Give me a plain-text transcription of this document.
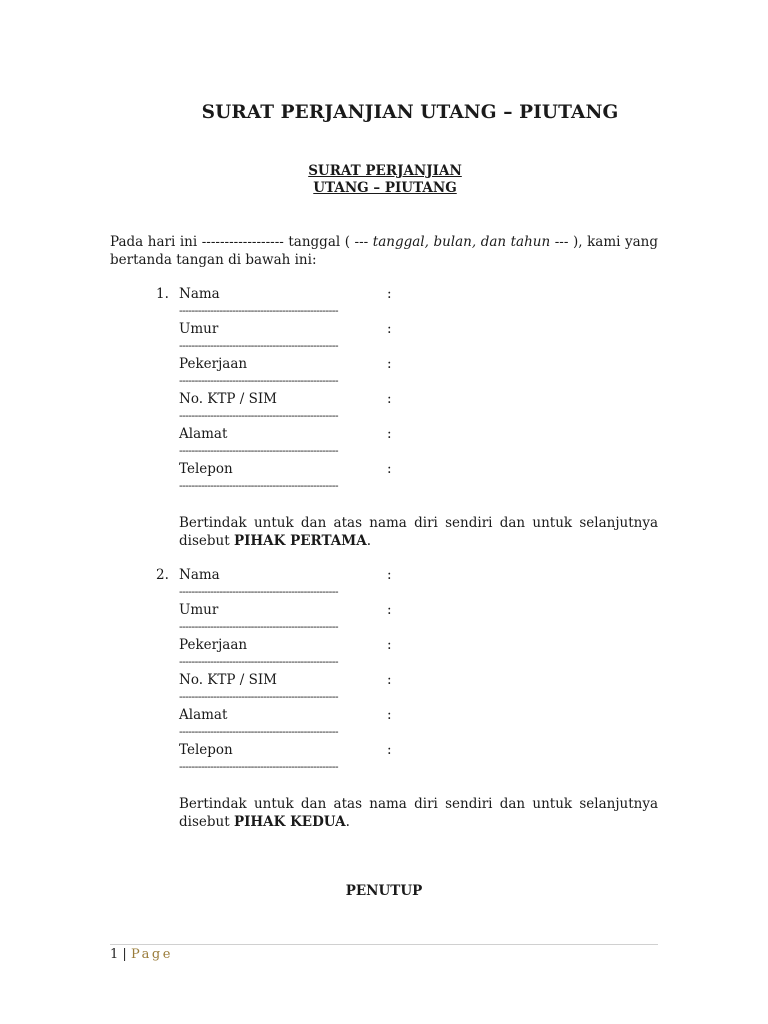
SURAT PERJANJIAN UTANG – PIUTANG
SURAT PERJANJIAN
UTANG – PIUTANG
Pada hari ini ------------------ tanggal ( --- tanggal, bulan, dan tahun --- ), kami yang bertanda tangan di bawah ini:
1. Nama	:
---------------------------------------------------
Umur	:
---------------------------------------------------
Pekerjaan	:
---------------------------------------------------
No. KTP / SIM	:
---------------------------------------------------
Alamat	:
---------------------------------------------------
Telepon	:
---------------------------------------------------
Bertindak untuk dan atas nama diri sendiri dan untuk selanjutnya disebut PIHAK PERTAMA.
2. Nama	:
---------------------------------------------------
Umur	:
---------------------------------------------------
Pekerjaan	:
---------------------------------------------------
No. KTP / SIM	:
---------------------------------------------------
Alamat	:
---------------------------------------------------
Telepon	:
---------------------------------------------------
Bertindak untuk dan atas nama diri sendiri dan untuk selanjutnya disebut PIHAK KEDUA.
PENUTUP
1 | Page
